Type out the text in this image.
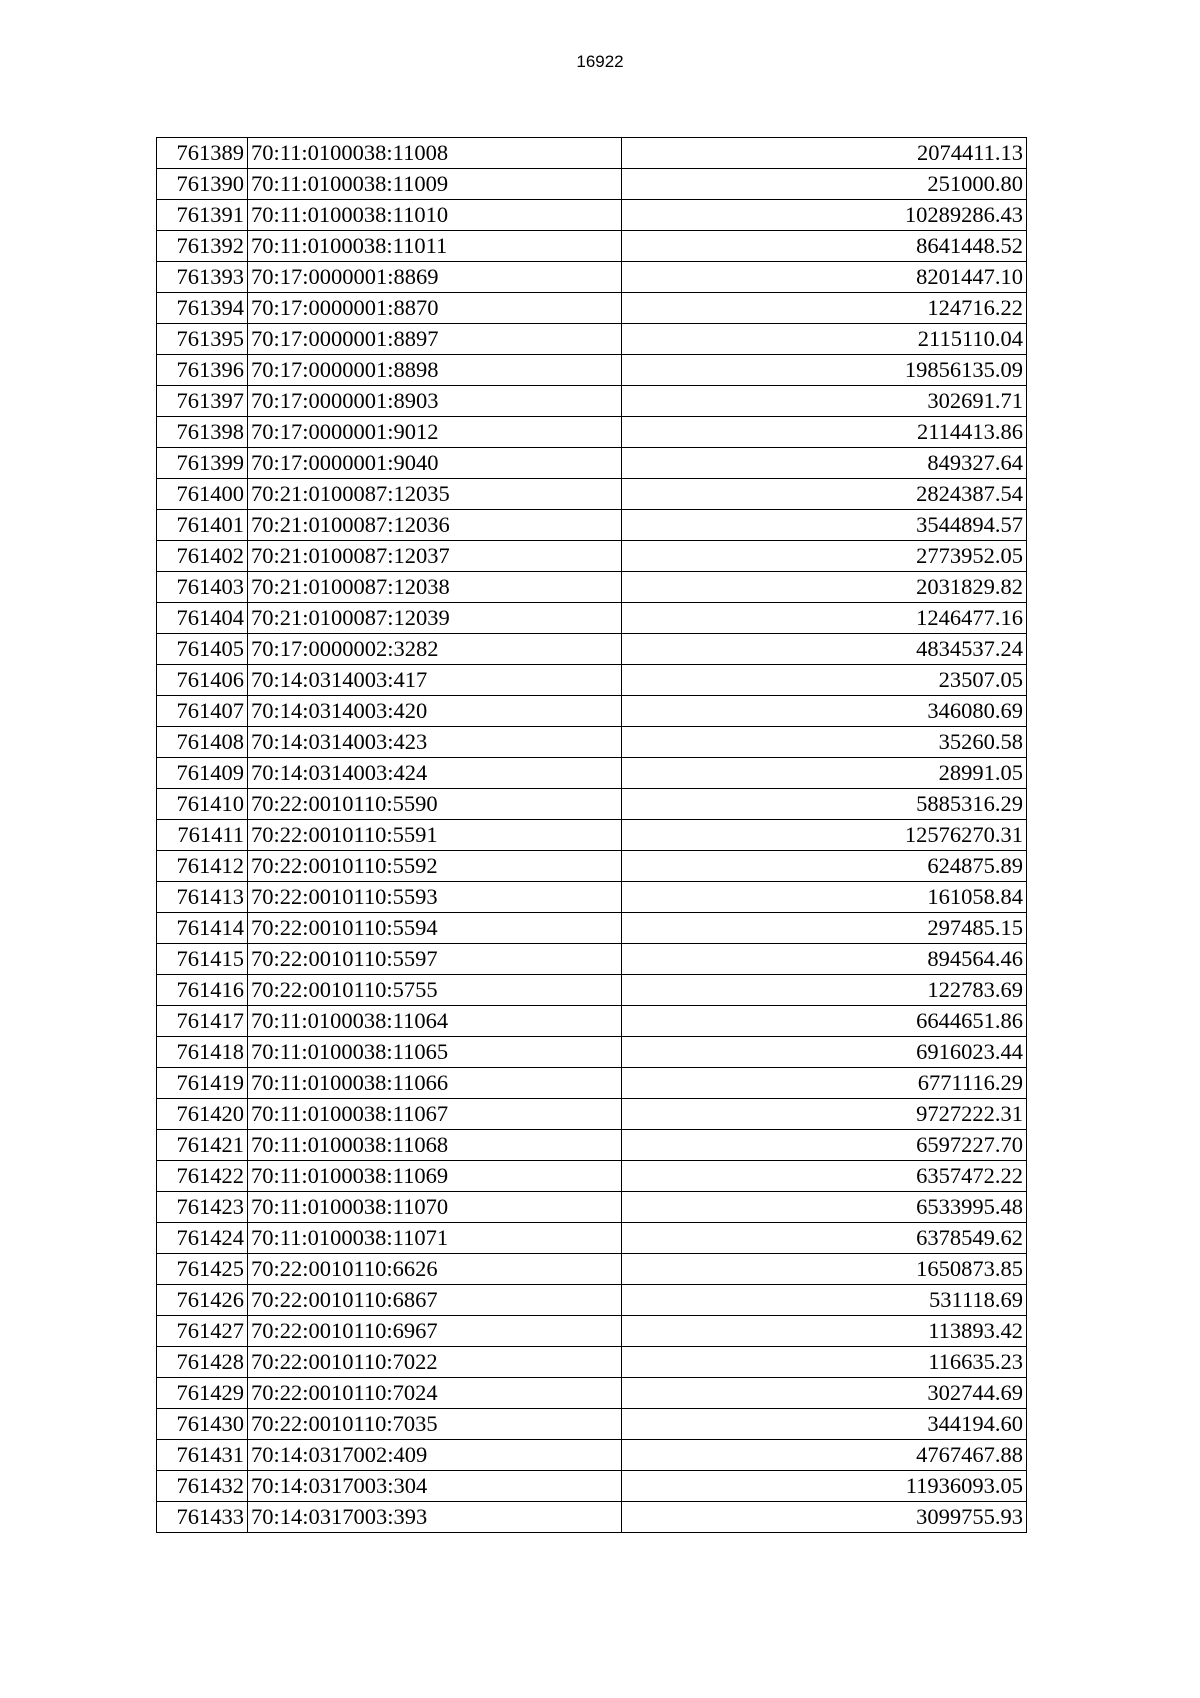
16922
761389	70:11:0100038:11008	2074411.13
761390	70:11:0100038:11009	251000.80
761391	70:11:0100038:11010	10289286.43
761392	70:11:0100038:11011	8641448.52
761393	70:17:0000001:8869	8201447.10
761394	70:17:0000001:8870	124716.22
761395	70:17:0000001:8897	2115110.04
761396	70:17:0000001:8898	19856135.09
761397	70:17:0000001:8903	302691.71
761398	70:17:0000001:9012	2114413.86
761399	70:17:0000001:9040	849327.64
761400	70:21:0100087:12035	2824387.54
761401	70:21:0100087:12036	3544894.57
761402	70:21:0100087:12037	2773952.05
761403	70:21:0100087:12038	2031829.82
761404	70:21:0100087:12039	1246477.16
761405	70:17:0000002:3282	4834537.24
761406	70:14:0314003:417	23507.05
761407	70:14:0314003:420	346080.69
761408	70:14:0314003:423	35260.58
761409	70:14:0314003:424	28991.05
761410	70:22:0010110:5590	5885316.29
761411	70:22:0010110:5591	12576270.31
761412	70:22:0010110:5592	624875.89
761413	70:22:0010110:5593	161058.84
761414	70:22:0010110:5594	297485.15
761415	70:22:0010110:5597	894564.46
761416	70:22:0010110:5755	122783.69
761417	70:11:0100038:11064	6644651.86
761418	70:11:0100038:11065	6916023.44
761419	70:11:0100038:11066	6771116.29
761420	70:11:0100038:11067	9727222.31
761421	70:11:0100038:11068	6597227.70
761422	70:11:0100038:11069	6357472.22
761423	70:11:0100038:11070	6533995.48
761424	70:11:0100038:11071	6378549.62
761425	70:22:0010110:6626	1650873.85
761426	70:22:0010110:6867	531118.69
761427	70:22:0010110:6967	113893.42
761428	70:22:0010110:7022	116635.23
761429	70:22:0010110:7024	302744.69
761430	70:22:0010110:7035	344194.60
761431	70:14:0317002:409	4767467.88
761432	70:14:0317003:304	11936093.05
761433	70:14:0317003:393	3099755.93
